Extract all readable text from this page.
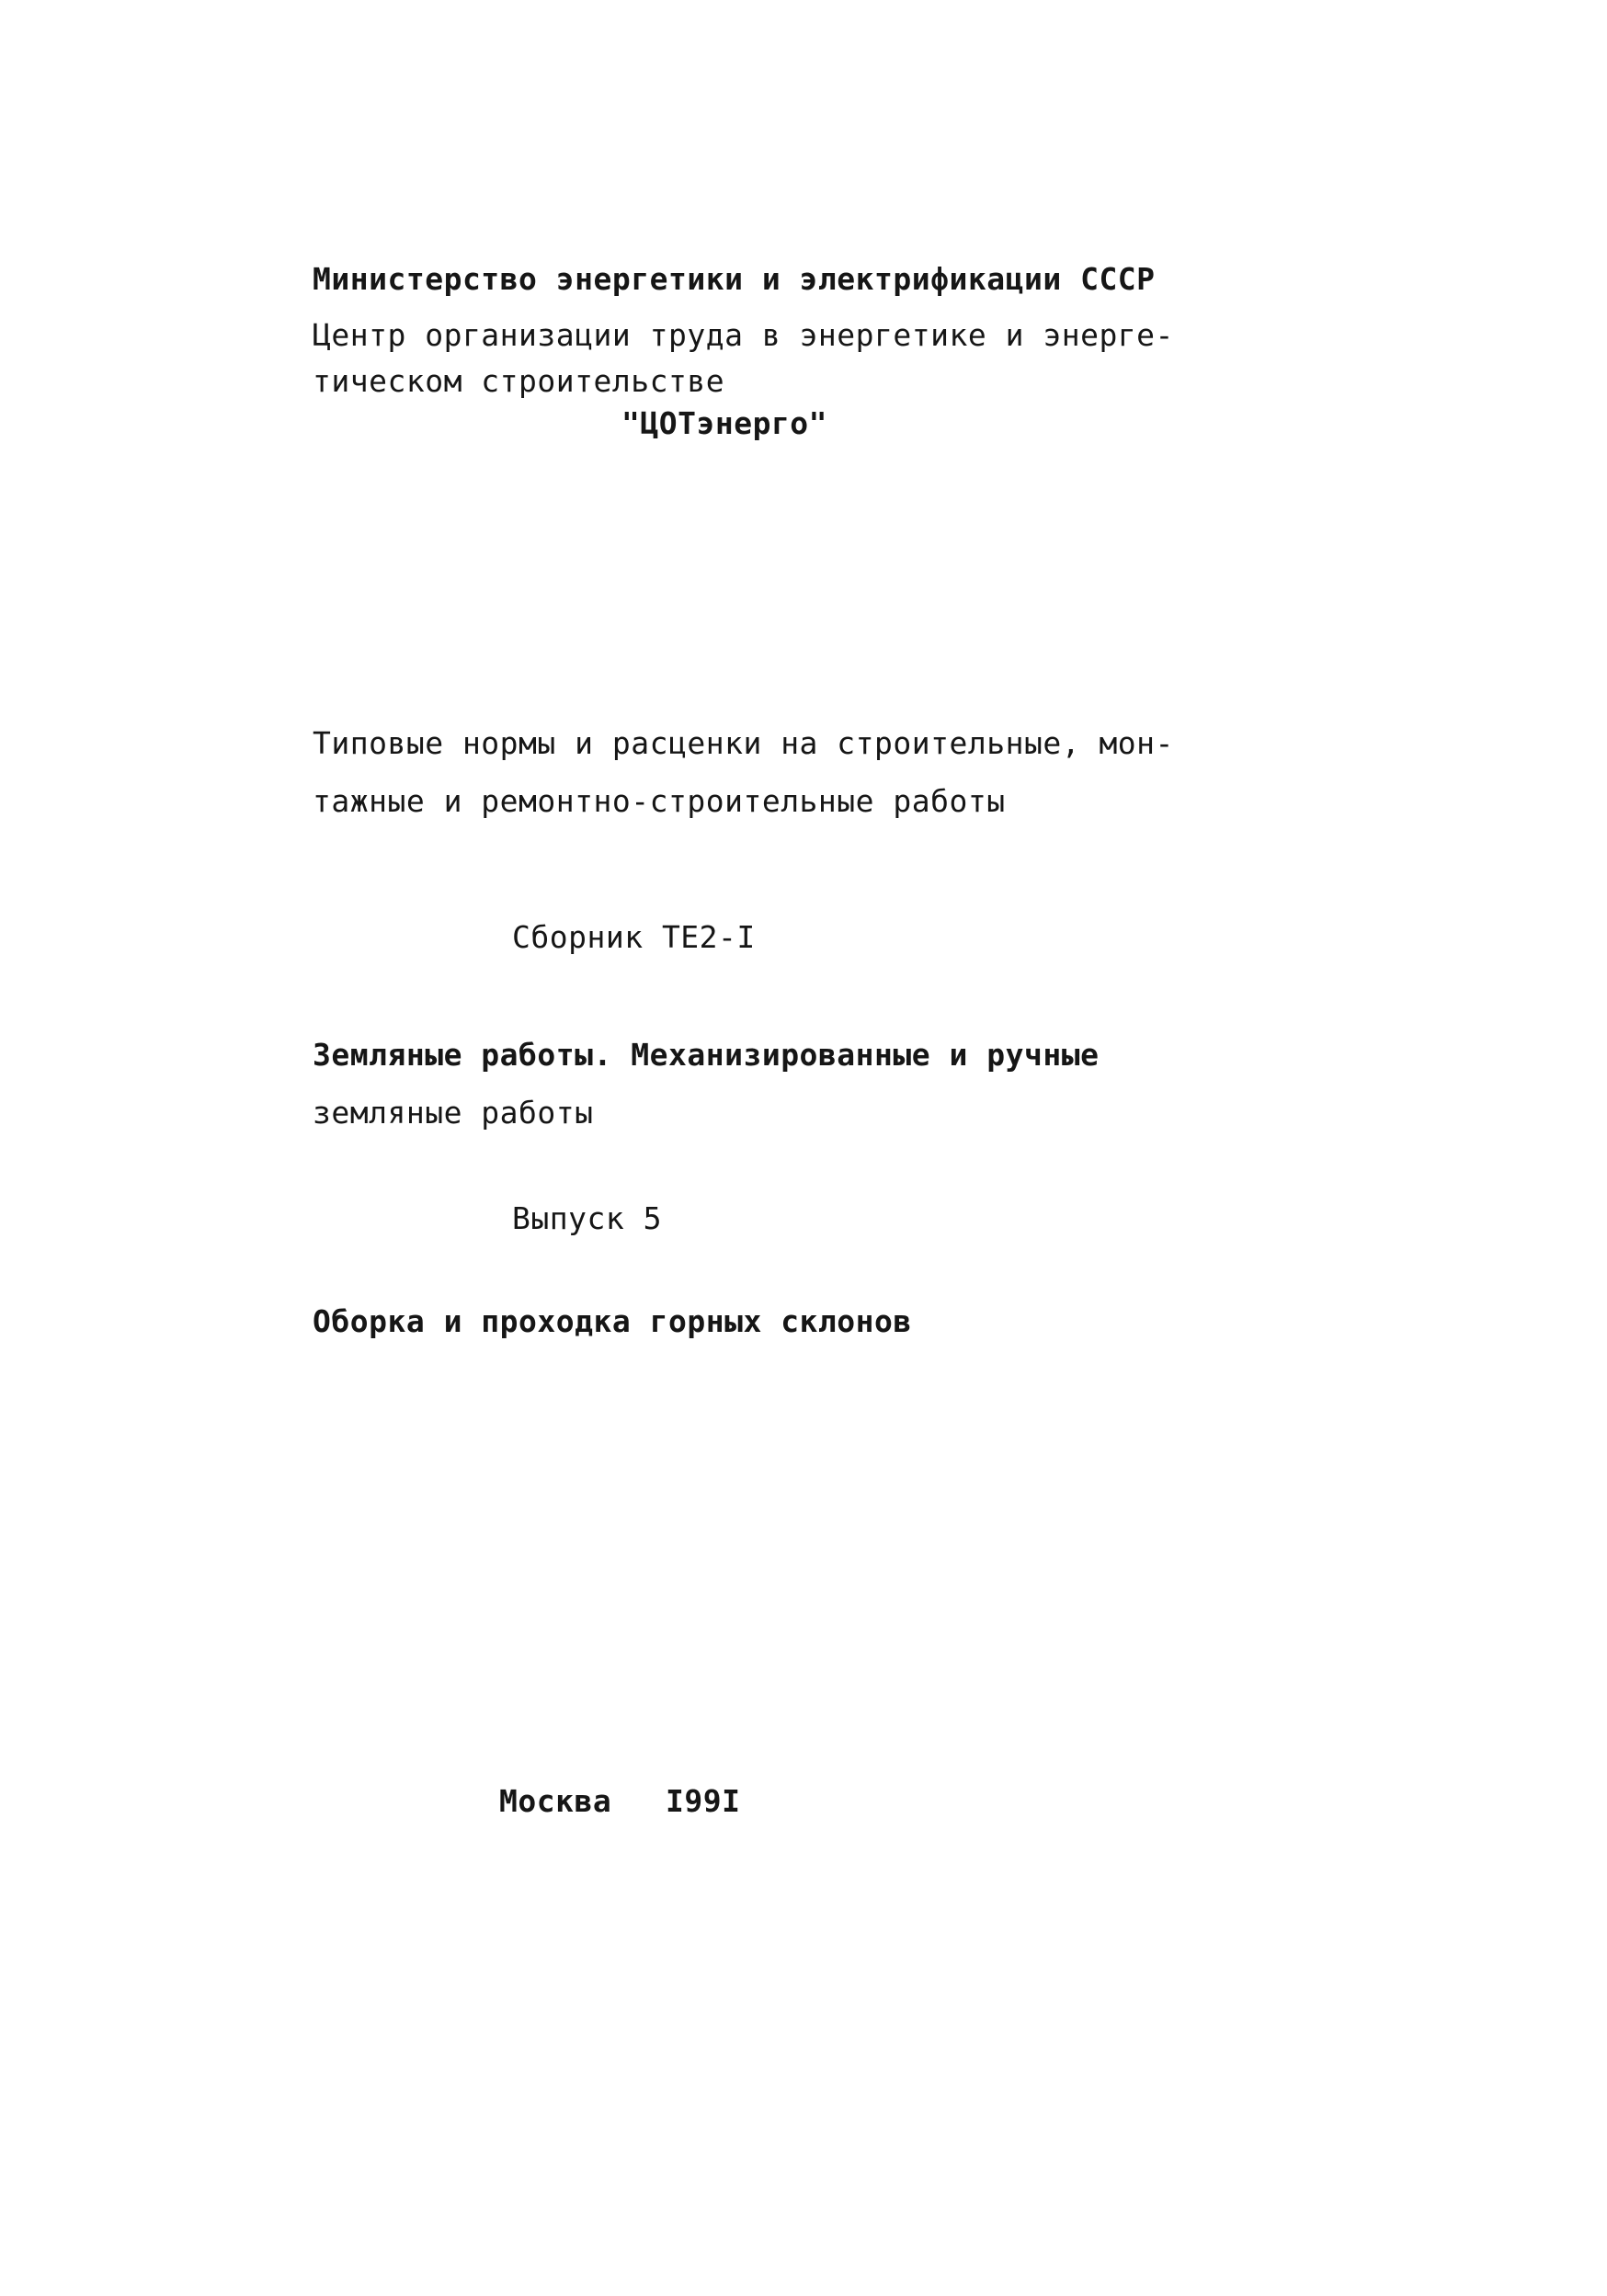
Министерство энергетики и электрификации СССР
Центр организации труда в энергетике и энерге-
тическом строительстве
"ЦОТэнерго"
Типовые нормы и расценки на строительные, мон-
тажные и ремонтно-строительные работы
Сборник ТЕ2-I
Земляные работы. Механизированные и ручные
земляные работы
Выпуск 5
Оборка и проходка горных склонов
Москва I99I
